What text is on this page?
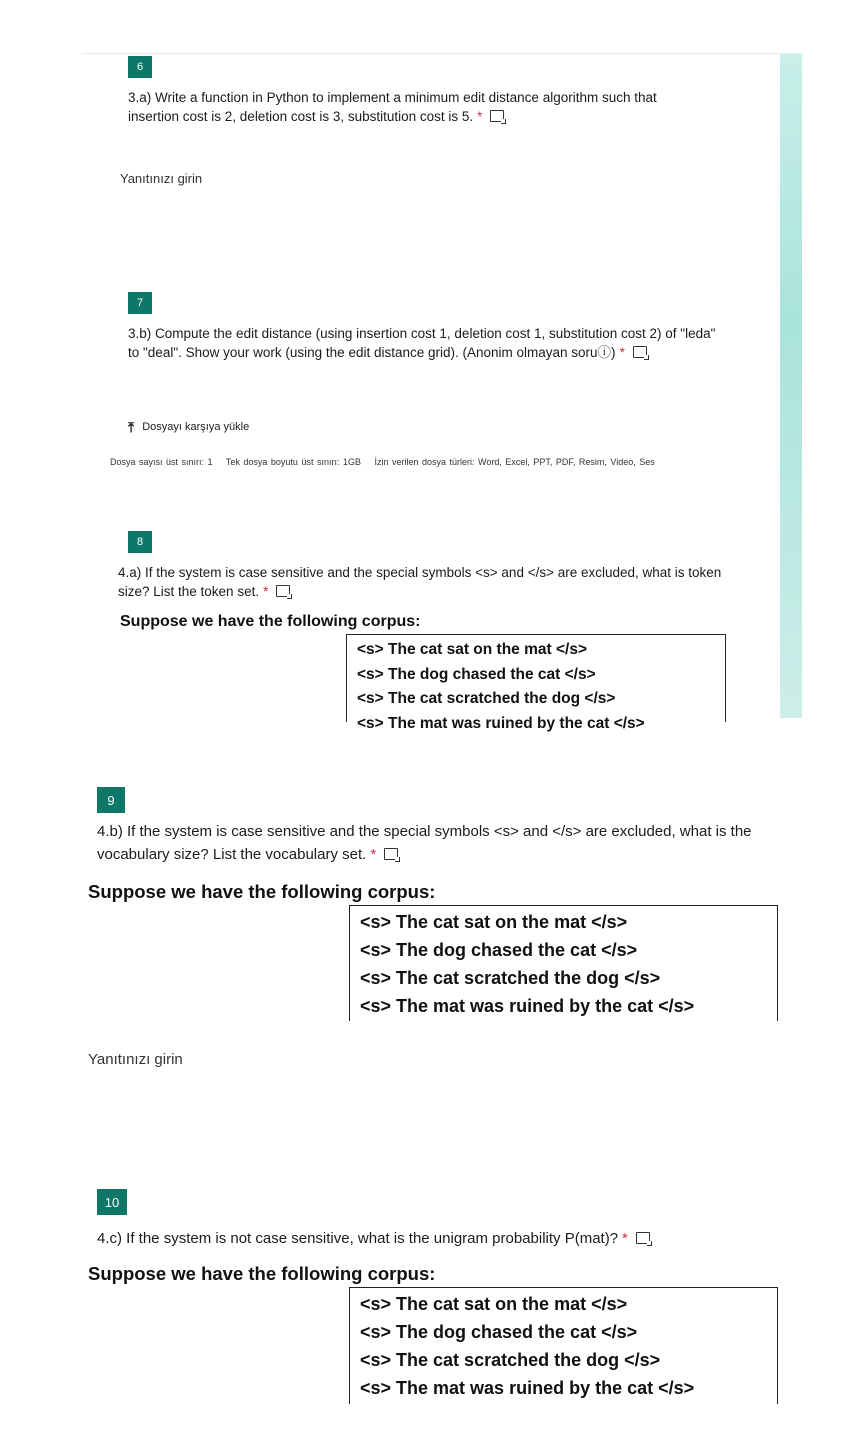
6
3.a) Write a function in Python to implement a minimum edit distance algorithm such that insertion cost is 2, deletion cost is 3, substitution cost is 5. *
Yanıtınızı girin
7
3.b) Compute the edit distance (using insertion cost 1, deletion cost 1, substitution cost 2) of "leda" to "deal". Show your work (using the edit distance grid). (Anonim olmayan soruⓘ) *
⤒ Dosyayı karşıya yükle
Dosya sayısı üst sınırı: 1 Tek dosya boyutu üst sınırı: 1GB İzin verilen dosya türleri: Word, Excel, PPT, PDF, Resim, Video, Ses
8
4.a) If the system is case sensitive and the special symbols <s> and </s> are excluded, what is token size? List the token set. *
Suppose we have the following corpus:
<s> The cat sat on the mat </s>
<s> The dog chased the cat </s>
<s> The cat scratched the dog </s>
<s> The mat was ruined by the cat </s>
9
4.b) If the system is case sensitive and the special symbols <s> and </s> are excluded, what is the vocabulary size? List the vocabulary set. *
Suppose we have the following corpus:
<s> The cat sat on the mat </s>
<s> The dog chased the cat </s>
<s> The cat scratched the dog </s>
<s> The mat was ruined by the cat </s>
Yanıtınızı girin
10
4.c) If the system is not case sensitive, what is the unigram probability P(mat)? *
Suppose we have the following corpus:
<s> The cat sat on the mat </s>
<s> The dog chased the cat </s>
<s> The cat scratched the dog </s>
<s> The mat was ruined by the cat </s>
